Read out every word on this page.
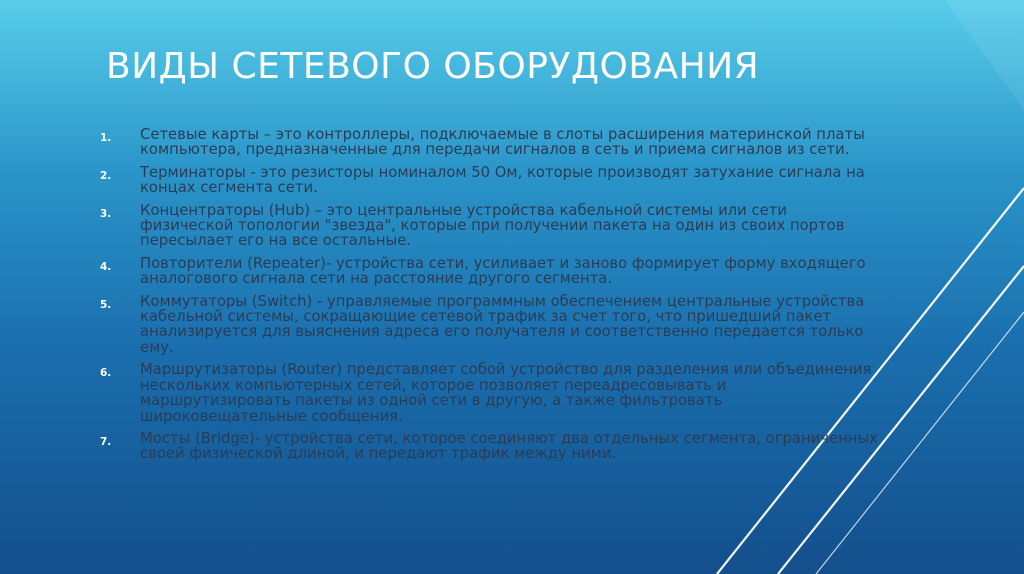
ВИДЫ СЕТЕВОГО ОБОРУДОВАНИЯ
1. Сетевые карты – это контроллеры, подключаемые в слоты расширения материнской платы компьютера, предназначенные для передачи сигналов в сеть и приема сигналов из сети.
2. Терминаторы - это резисторы номиналом 50 Ом, которые производят затухание сигнала на концах сегмента сети.
3. Концентраторы (Hub) – это центральные устройства кабельной системы или сети физической топологии "звезда", которые при получении пакета на один из своих портов пересылает его на все остальные.
4. Повторители (Repeater)- устройства сети, усиливает и заново формирует форму входящего аналогового сигнала сети на расстояние другого сегмента.
5. Коммутаторы (Switch) - управляемые программным обеспечением центральные устройства кабельной системы, сокращающие сетевой трафик за счет того, что пришедший пакет анализируется для выяснения адреса его получателя и соответственно передается только ему.
6. Маршрутизаторы (Router) представляет собой устройство для разделения или объединения нескольких компьютерных сетей, которое позволяет переадресовывать и маршрутизировать пакеты из одной сети в другую, а также фильтровать широковещательные сообщения.
7. Мосты (Bridge)- устройства сети, которое соединяют два отдельных сегмента, ограниченных своей физической длиной, и передают трафик между ними.
